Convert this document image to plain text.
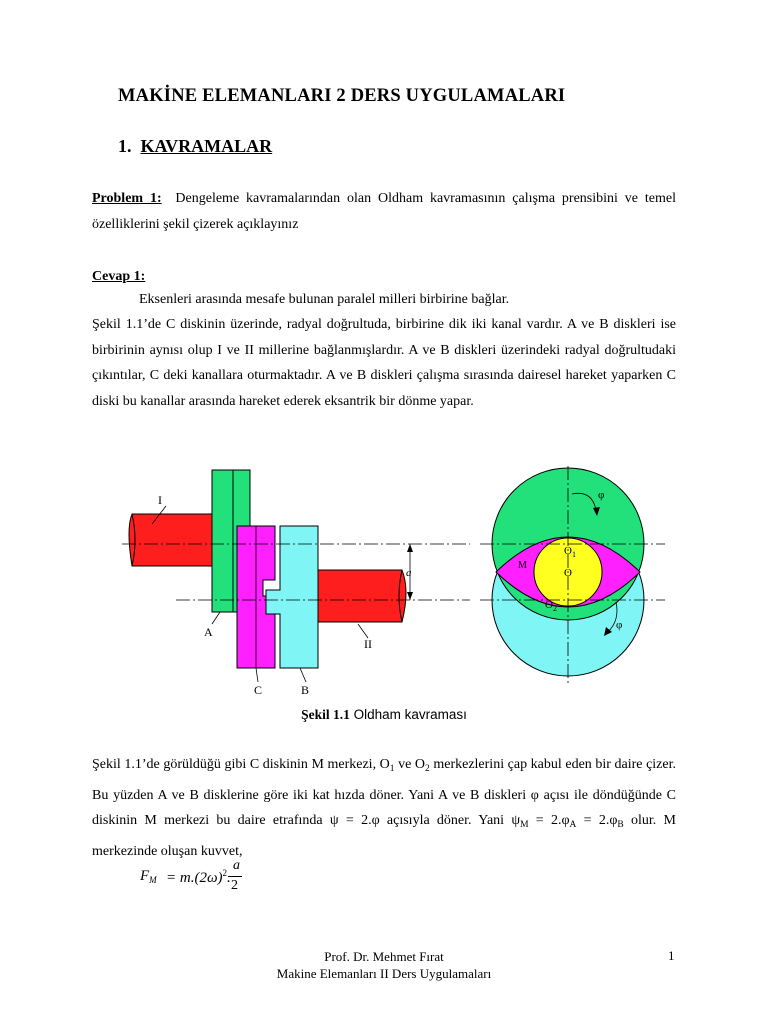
MAKİNE ELEMANLARI 2 DERS UYGULAMALARI
1. KAVRAMALAR
Problem 1: Dengeleme kavramalarından olan Oldham kavramasının çalışma prensibini ve temel özelliklerini şekil çizerek açıklayınız
Cevap 1:
Eksenleri arasında mesafe bulunan paralel milleri birbirine bağlar.
Şekil 1.1’de C diskinin üzerinde, radyal doğrultuda, birbirine dik iki kanal vardır. A ve B diskleri ise birbirinin aynısı olup I ve II millerine bağlanmışlardır. A ve B diskleri üzerindeki radyal doğrultudaki çıkıntılar, C deki kanallara oturmaktadır. A ve B diskleri çalışma sırasında dairesel hareket yaparken C diski bu kanallar arasında hareket ederek eksantrik bir dönme yapar.
I
II
A
B
C
a
φ
φ
$O_1$
O
M
$O_2$
Şekil 1.1 Oldham kavraması
Şekil 1.1’de görüldüğü gibi C diskinin M merkezi, $O_1$ ve $O_2$ merkezlerini çap kabul eden bir daire çizer. Bu yüzden A ve B disklerine göre iki kat hızda döner. Yani A ve B diskleri φ açısı ile döndüğünde C diskinin M merkezi bu daire etrafında ψ = 2.φ açısıyla döner. Yani $\psi_M = 2.\varphi_A = 2.\varphi_B$ olur. M merkezinde oluşan kuvvet,
$F_M = m.(2\omega)^2$.
a
2
Prof. Dr. Mehmet Fırat
Makine Elemanları II Ders Uygulamaları
1
